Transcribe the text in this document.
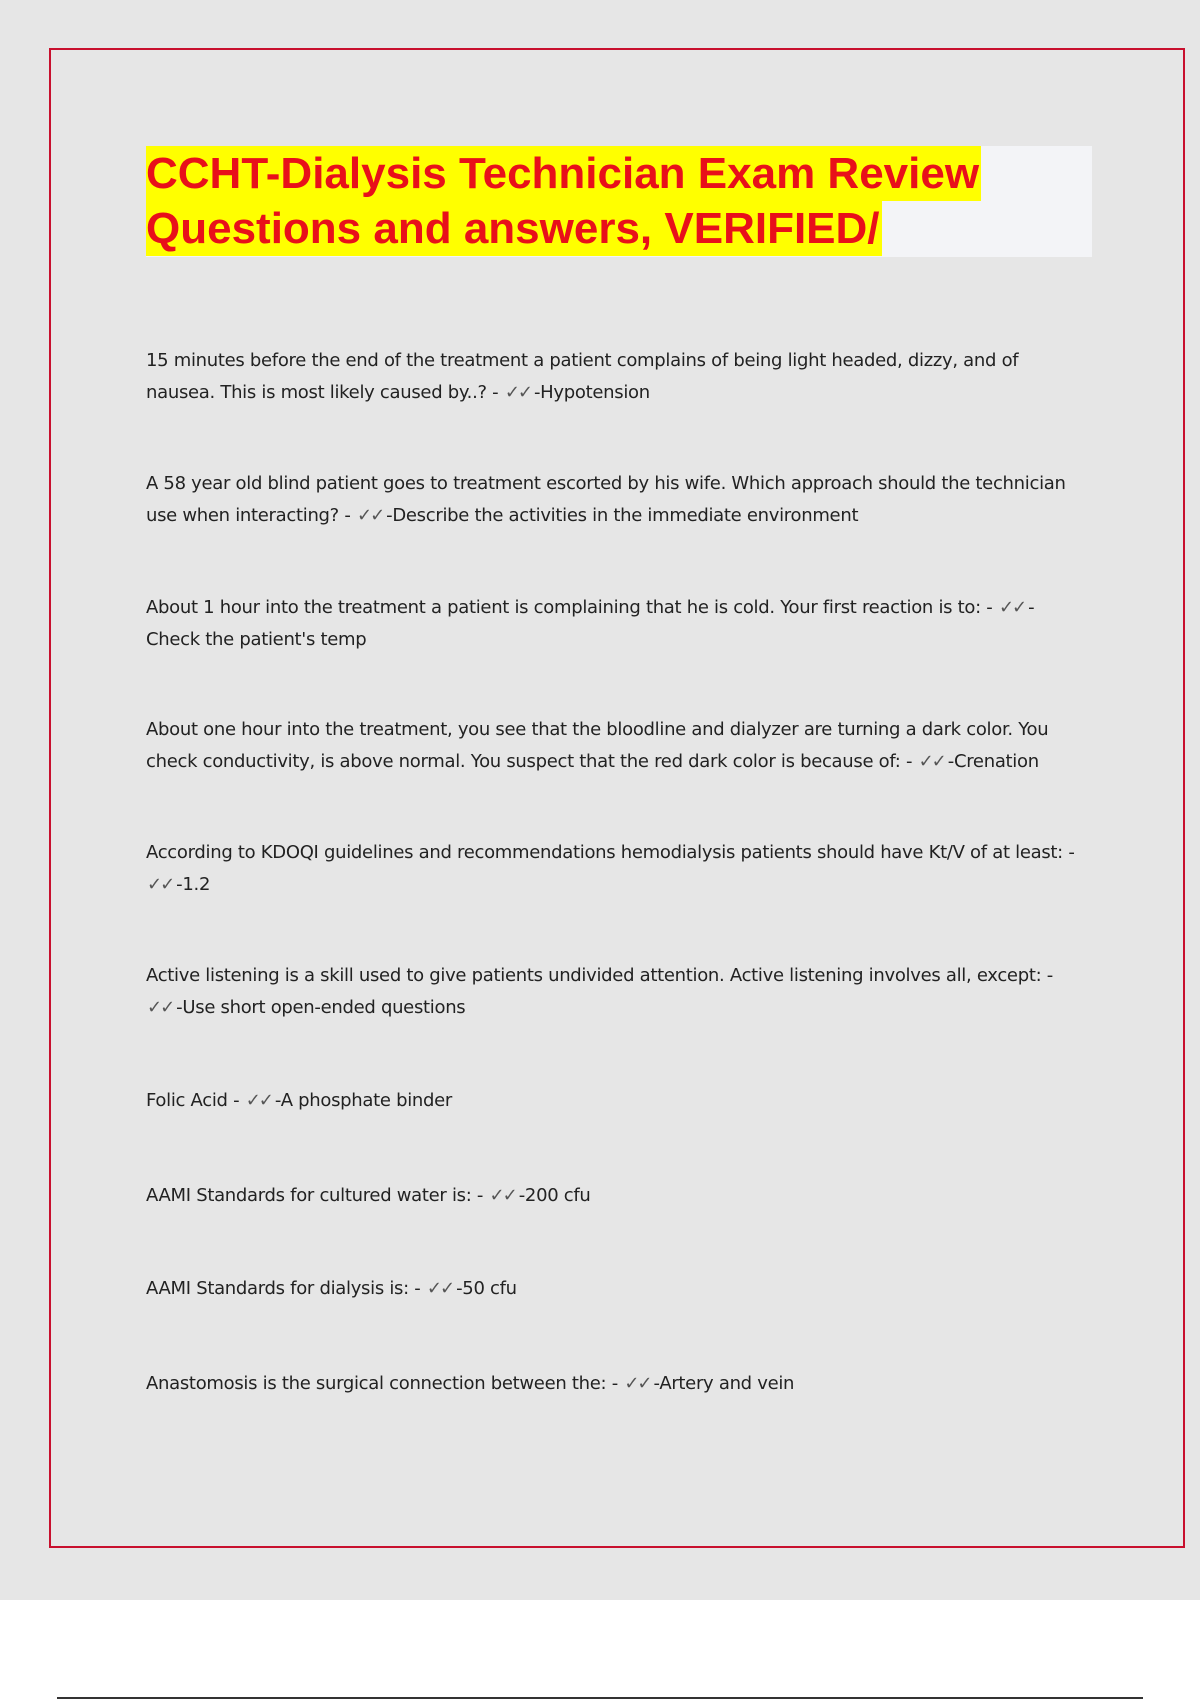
CCHT-Dialysis Technician Exam Review
Questions and answers, VERIFIED/
15 minutes before the end of the treatment a patient complains of being light headed, dizzy, and of nausea. This is most likely caused by..? - ✓✓ -Hypotension
A 58 year old blind patient goes to treatment escorted by his wife. Which approach should the technician use when interacting? - ✓✓ -Describe the activities in the immediate environment
About 1 hour into the treatment a patient is complaining that he is cold. Your first reaction is to: - ✓✓ -Check the patient's temp
About one hour into the treatment, you see that the bloodline and dialyzer are turning a dark color. You check conductivity, is above normal. You suspect that the red dark color is because of: - ✓✓ -Crenation
According to KDOQI guidelines and recommendations hemodialysis patients should have Kt/V of at least: - ✓✓ -1.2
Active listening is a skill used to give patients undivided attention. Active listening involves all, except: - ✓✓ -Use short open-ended questions
Folic Acid - ✓✓ -A phosphate binder
AAMI Standards for cultured water is: - ✓✓ -200 cfu
AAMI Standards for dialysis is: - ✓✓ -50 cfu
Anastomosis is the surgical connection between the: - ✓✓ -Artery and vein
